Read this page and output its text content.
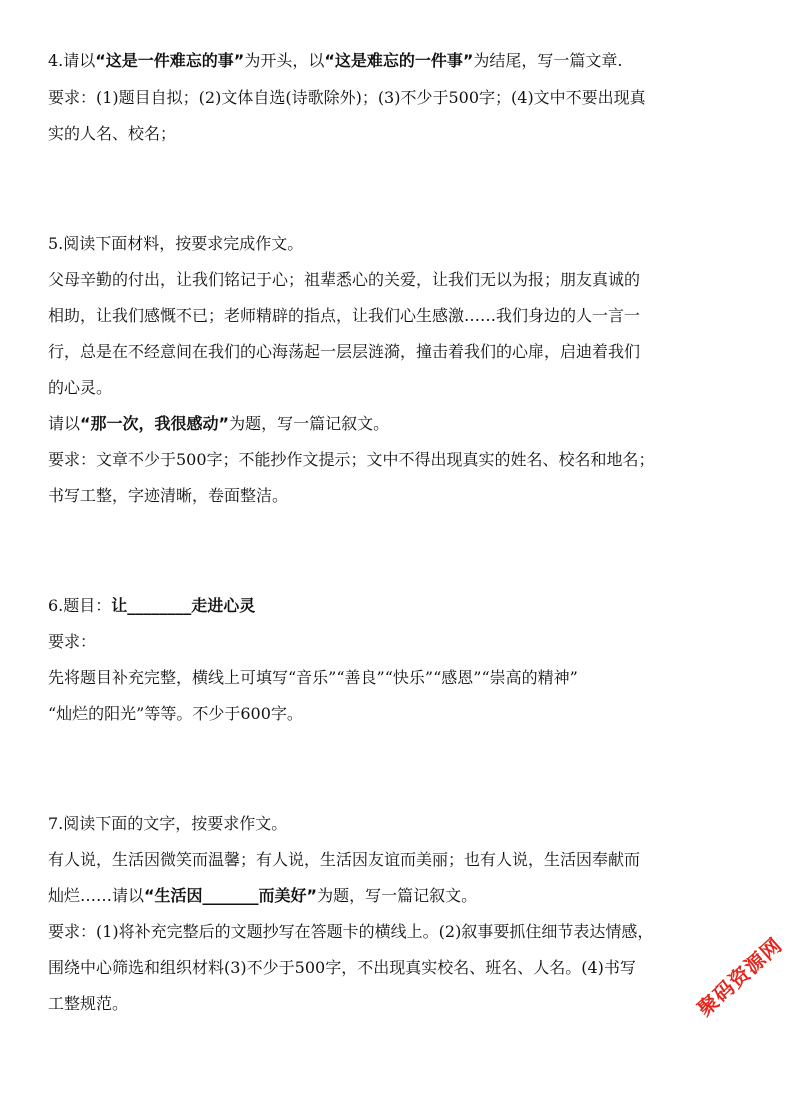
4.请以“这是一件难忘的事”为开头，以“这是难忘的一件事”为结尾，写一篇文章.
要求：(1)题目自拟；(2)文体自选(诗歌除外)；(3)不少于500字；(4)文中不要出现真
实的人名、校名；
5.阅读下面材料，按要求完成作文。
父母辛勤的付出，让我们铭记于心；祖辈悉心的关爱，让我们无以为报；朋友真诚的
相助，让我们感慨不已；老师精辟的指点，让我们心生感激……我们身边的人一言一
行，总是在不经意间在我们的心海荡起一层层涟漪，撞击着我们的心扉，启迪着我们
的心灵。
请以“那一次，我很感动”为题，写一篇记叙文。
要求：文章不少于500字；不能抄作文提示；文中不得出现真实的姓名、校名和地名；
书写工整，字迹清晰，卷面整洁。
6.题目：让________走进心灵
要求：
先将题目补充完整，横线上可填写“音乐”“善良”“快乐”“感恩”“崇高的精神”
“灿烂的阳光”等等。不少于600字。
7.阅读下面的文字，按要求作文。
有人说，生活因微笑而温馨；有人说，生活因友谊而美丽；也有人说，生活因奉献而
灿烂……请以“生活因_______而美好”为题，写一篇记叙文。
要求：(1)将补充完整后的文题抄写在答题卡的横线上。(2)叙事要抓住细节表达情感，
围绕中心筛选和组织材料(3)不少于500字，不出现真实校名、班名、人名。(4)书写
工整规范。	聚码资源网
